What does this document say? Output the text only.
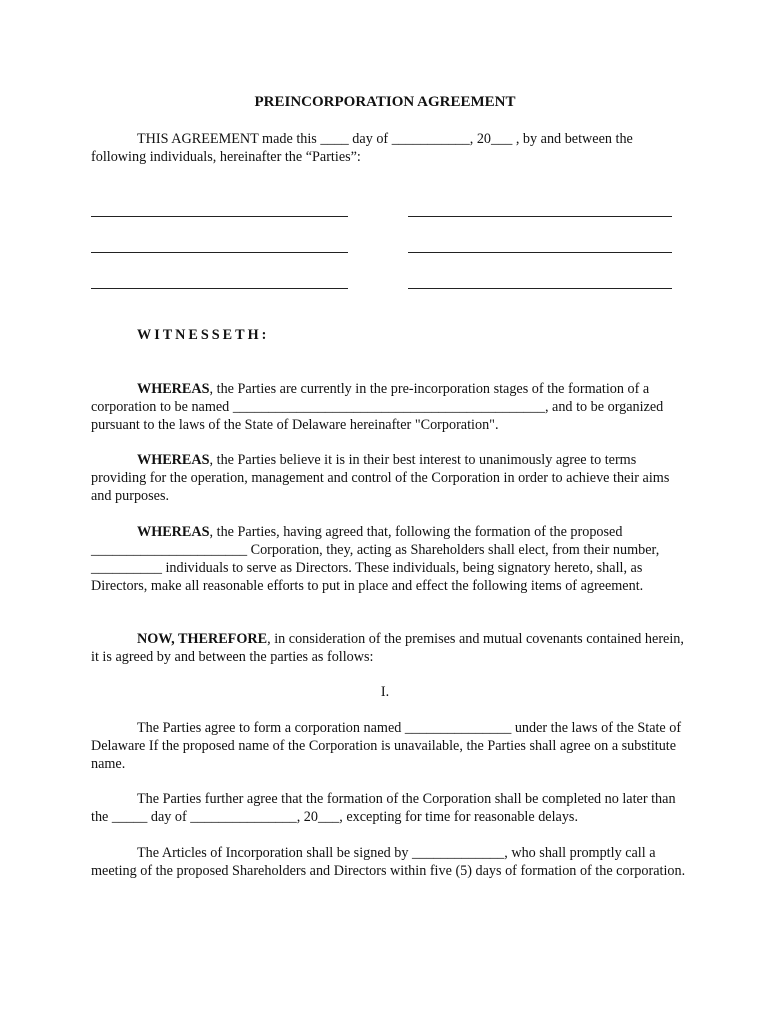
PREINCORPORATION AGREEMENT

THIS AGREEMENT made this ____ day of ___________, 20___ , by and between the following individuals, hereinafter the “Parties”:

WITNESSETH:

WHEREAS, the Parties are currently in the pre-incorporation stages of the formation of a corporation to be named ____________________________________________, and to be organized pursuant to the laws of the State of Delaware hereinafter "Corporation".

WHEREAS, the Parties believe it is in their best interest to unanimously agree to terms providing for the operation, management and control of the Corporation in order to achieve their aims and purposes.

WHEREAS, the Parties, having agreed that, following the formation of the proposed ______________________ Corporation, they, acting as Shareholders shall elect, from their number, __________ individuals to serve as Directors. These individuals, being signatory hereto, shall, as Directors, make all reasonable efforts to put in place and effect the following items of agreement.

NOW, THEREFORE, in consideration of the premises and mutual covenants contained herein, it is agreed by and between the parties as follows:

I.

The Parties agree to form a corporation named _______________ under the laws of the State of Delaware If the proposed name of the Corporation is unavailable, the Parties shall agree on a substitute name.

The Parties further agree that the formation of the Corporation shall be completed no later than the _____ day of _______________, 20___, excepting for time for reasonable delays.

The Articles of Incorporation shall be signed by _____________, who shall promptly call a meeting of the proposed Shareholders and Directors within five (5) days of formation of the corporation.
